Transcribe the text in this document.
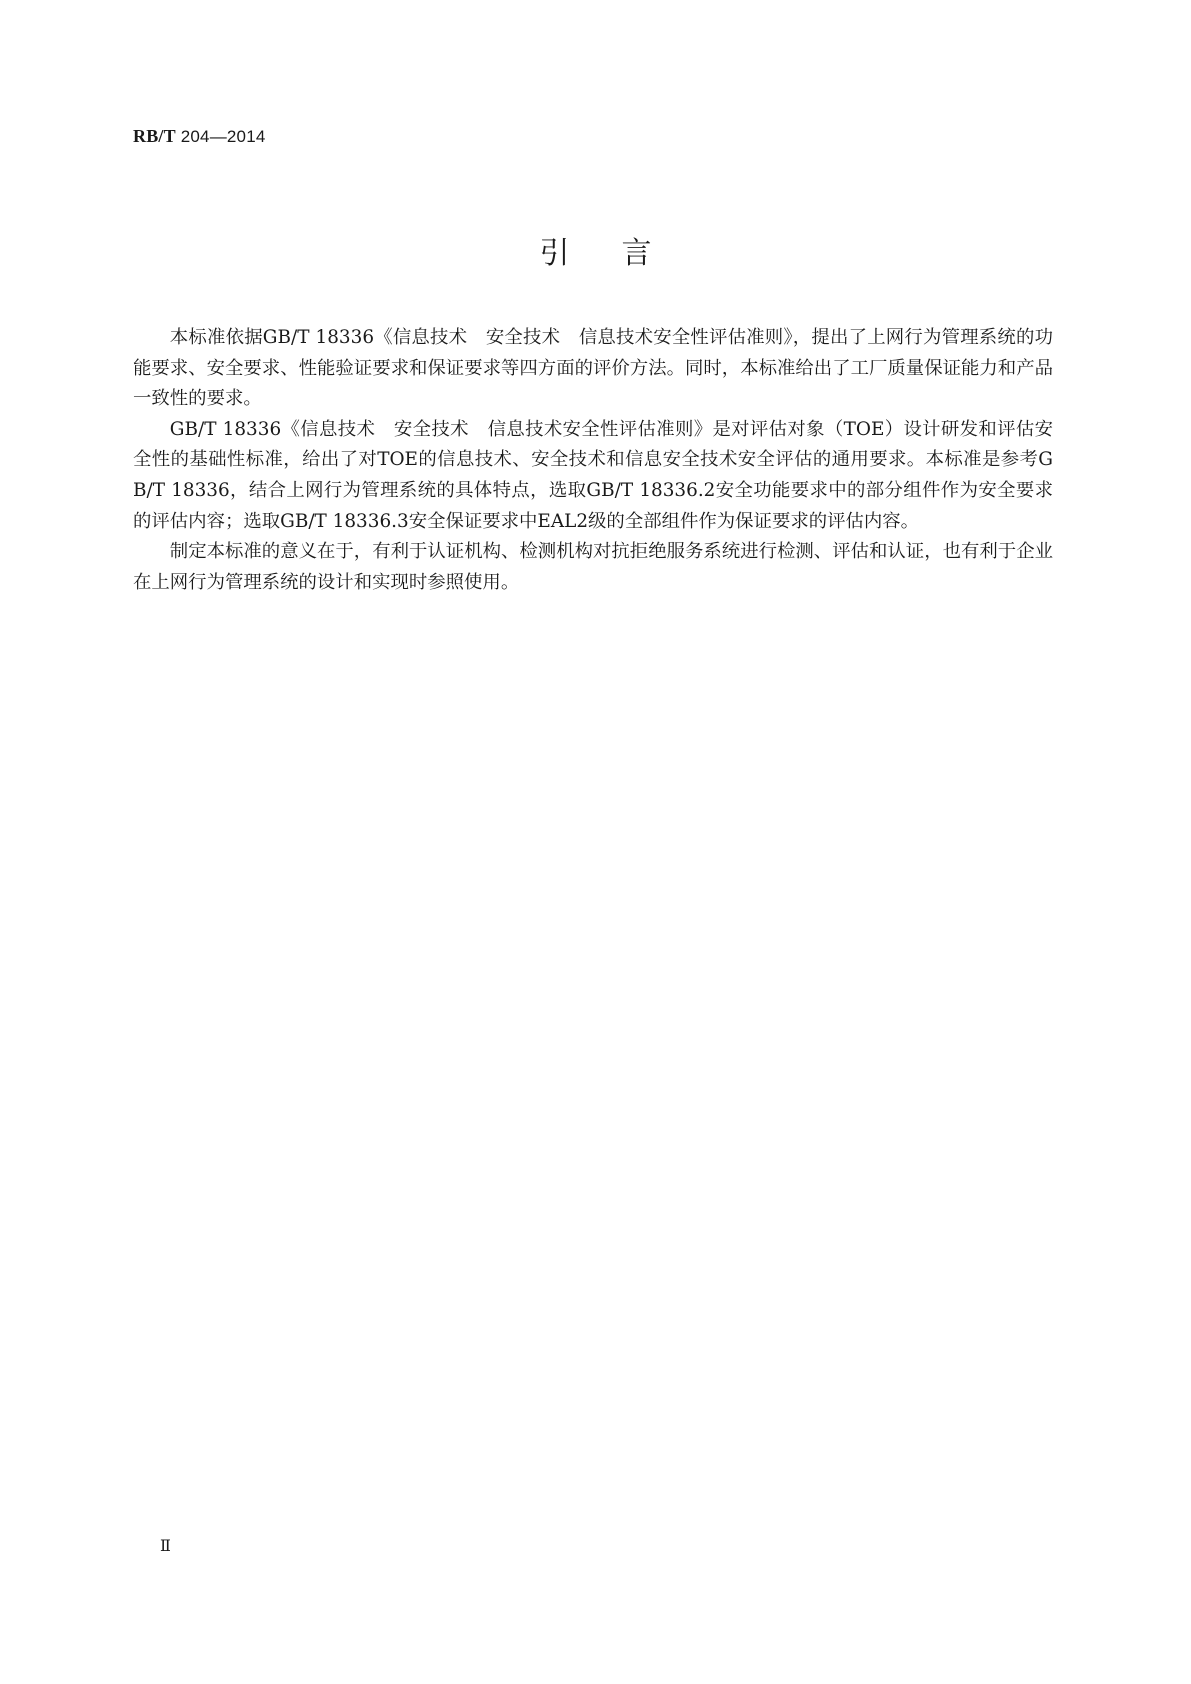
RB/T 204—2014
引言

本标准依据GB/T 18336《信息技术　安全技术　信息技术安全性评估准则》，提出了上网行为管理系统的功能要求、安全要求、性能验证要求和保证要求等四方面的评价方法。同时，本标准给出了工厂质量保证能力和产品一致性的要求。

GB/T 18336《信息技术　安全技术　信息技术安全性评估准则》是对评估对象（TOE）设计研发和评估安全性的基础性标准，给出了对TOE的信息技术、安全技术和信息安全技术安全评估的通用要求。本标准是参考GB/T 18336，结合上网行为管理系统的具体特点，选取GB/T 18336.2安全功能要求中的部分组件作为安全要求的评估内容；选取GB/T 18336.3安全保证要求中EAL2级的全部组件作为保证要求的评估内容。

制定本标准的意义在于，有利于认证机构、检测机构对抗拒绝服务系统进行检测、评估和认证，也有利于企业在上网行为管理系统的设计和实现时参照使用。

Ⅱ
